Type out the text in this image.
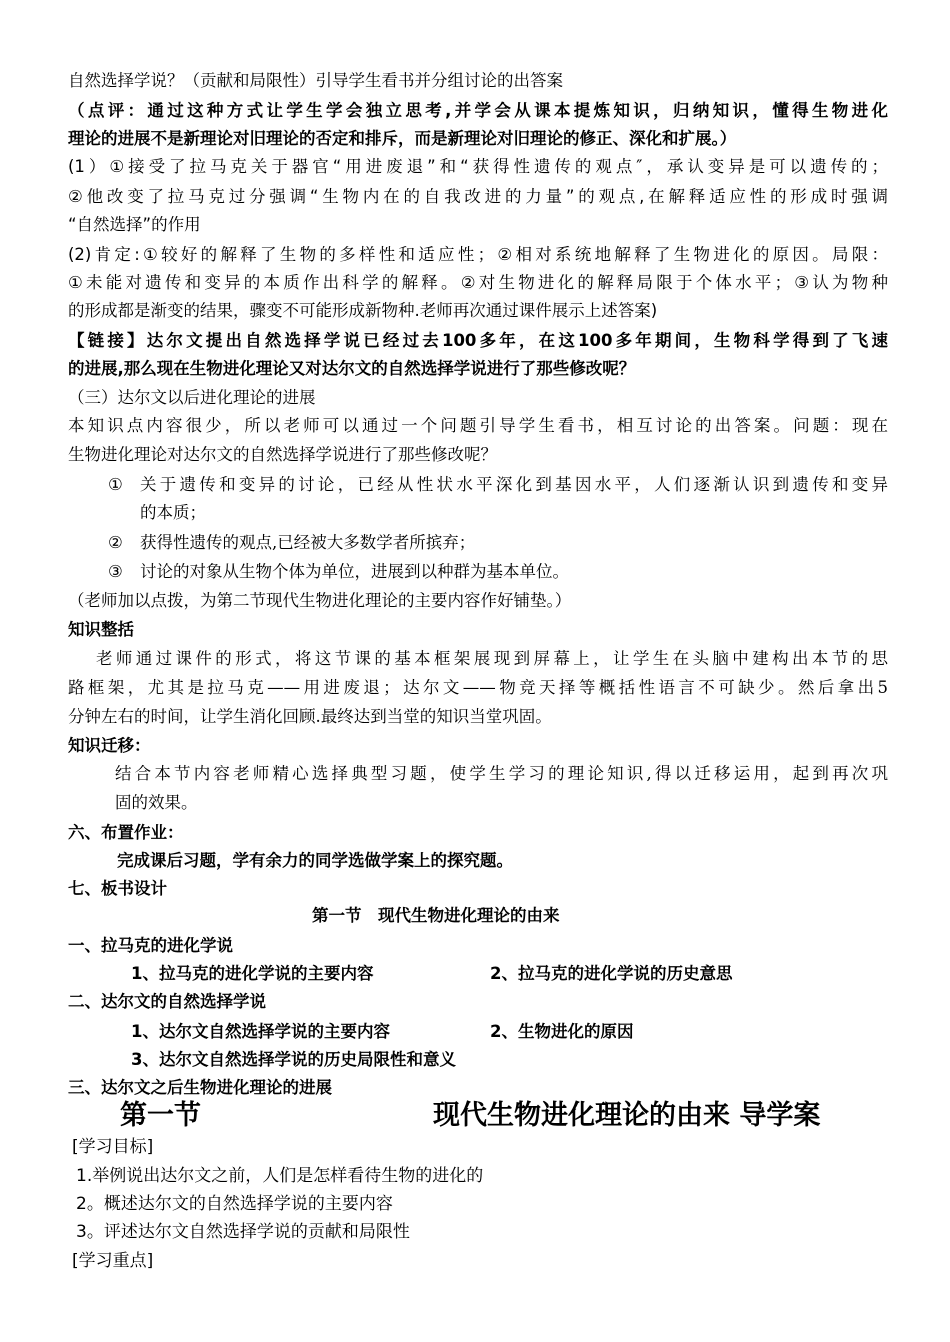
自然选择学说？（贡献和局限性）引导学生看书并分组讨论的出答案
（点评：通过这种方式让学生学会独立思考,并学会从课本提炼知识，归纳知识，懂得生物进化
理论的进展不是新理论对旧理论的否定和排斥，而是新理论对旧理论的修正、深化和扩展。）
(1）①接受了拉马克关于器官“用进废退”和“获得性遗传的观点″，承认变异是可以遗传的；
②他改变了拉马克过分强调“生物内在的自我改进的力量”的观点,在解释适应性的形成时强调
“自然选择”的作用
(2)肯定:①较好的解释了生物的多样性和适应性；②相对系统地解释了生物进化的原因。局限：
①未能对遗传和变异的本质作出科学的解释。②对生物进化的解释局限于个体水平；③认为物种
的形成都是渐变的结果，骤变不可能形成新物种.老师再次通过课件展示上述答案)
【链接】达尔文提出自然选择学说已经过去100多年，在这100多年期间，生物科学得到了飞速
的进展,那么现在生物进化理论又对达尔文的自然选择学说进行了那些修改呢？
（三）达尔文以后进化理论的进展
本知识点内容很少，所以老师可以通过一个问题引导学生看书，相互讨论的出答案。问题：现在
生物进化理论对达尔文的自然选择学说进行了那些修改呢？
①	关于遗传和变异的讨论，已经从性状水平深化到基因水平，人们逐渐认识到遗传和变异
的本质；
②	获得性遗传的观点,已经被大多数学者所摈弃；
③	讨论的对象从生物个体为单位，进展到以种群为基本单位。
（老师加以点拨，为第二节现代生物进化理论的主要内容作好铺垫。）
知识整括
老师通过课件的形式，将这节课的基本框架展现到屏幕上，让学生在头脑中建构出本节的思
路框架，尤其是拉马克——用进废退；达尔文——物竞天择等概括性语言不可缺少。然后拿出5
分钟左右的时间，让学生消化回顾.最终达到当堂的知识当堂巩固。
知识迁移：
结合本节内容老师精心选择典型习题，使学生学习的理论知识,得以迁移运用，起到再次巩
固的效果。
六、布置作业：
完成课后习题，学有余力的同学选做学案上的探究题。
七、板书设计
第一节　现代生物进化理论的由来
一、拉马克的进化学说
1、拉马克的进化学说的主要内容	2、拉马克的进化学说的历史意思
二、达尔文的自然选择学说
1、达尔文自然选择学说的主要内容	2、生物进化的原因
3、达尔文自然选择学说的历史局限性和意义
三、达尔文之后生物进化理论的进展
第一节	现代生物进化理论的由来 导学案
[学习目标]
1.举例说出达尔文之前，人们是怎样看待生物的进化的
2。概述达尔文的自然选择学说的主要内容
3。评述达尔文自然选择学说的贡献和局限性
[学习重点]
